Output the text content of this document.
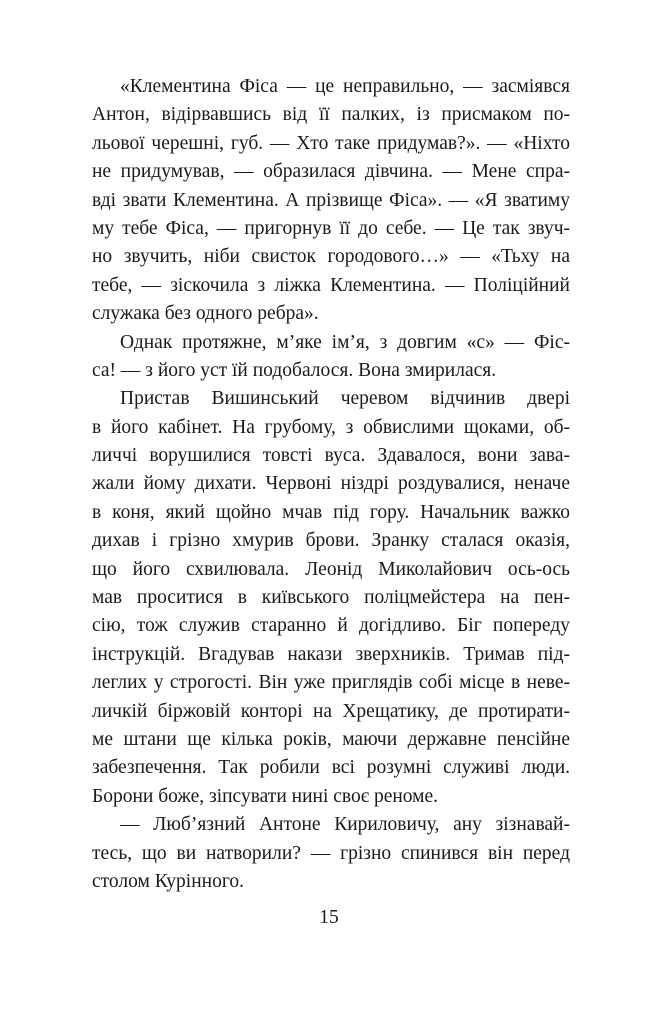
«Клементина Фіса — це неправильно, — засміявся
Антон, відірвавшись від її палких, із присмаком по-
льової черешні, губ. — Хто таке придумав?». — «Ніхто
не придумував, — образилася дівчина. — Мене спра-
вді звати Клементина. А прізвище Фіса». — «Я зватиму
му тебе Фіса, — пригорнув її до себе. — Це так звуч-
но звучить, ніби свисток городового…» — «Тьху на
тебе, — зіскочила з ліжка Клементина. — Поліційний
служака без одного ребра».
Однак протяжне, м’яке ім’я, з довгим «с» — Фіс-
са! — з його уст їй подобалося. Вона змирилася.
Пристав Вишинський черевом відчинив двері
в його кабінет. На грубому, з обвислими щоками, об-
личчі ворушилися товсті вуса. Здавалося, вони зава-
жали йому дихати. Червоні ніздрі роздувалися, неначе
в коня, який щойно мчав під гору. Начальник важко
дихав і грізно хмурив брови. Зранку сталася оказія,
що його схвилювала. Леонід Миколайович ось-ось
мав проситися в київського поліцмейстера на пен-
сію, тож служив старанно й догідливо. Біг попереду
інструкцій. Вгадував накази зверхників. Тримав під-
леглих у строгості. Він уже приглядів собі місце в неве-
личкій біржовій конторі на Хрещатику, де протирати-
ме штани ще кілька років, маючи державне пенсійне
забезпечення. Так робили всі розумні служиві люди.
Борони боже, зіпсувати нині своє реноме.
— Люб’язний Антоне Кириловичу, ану зізнавай-
тесь, що ви натворили? — грізно спинився він перед
столом Курінного.
15
